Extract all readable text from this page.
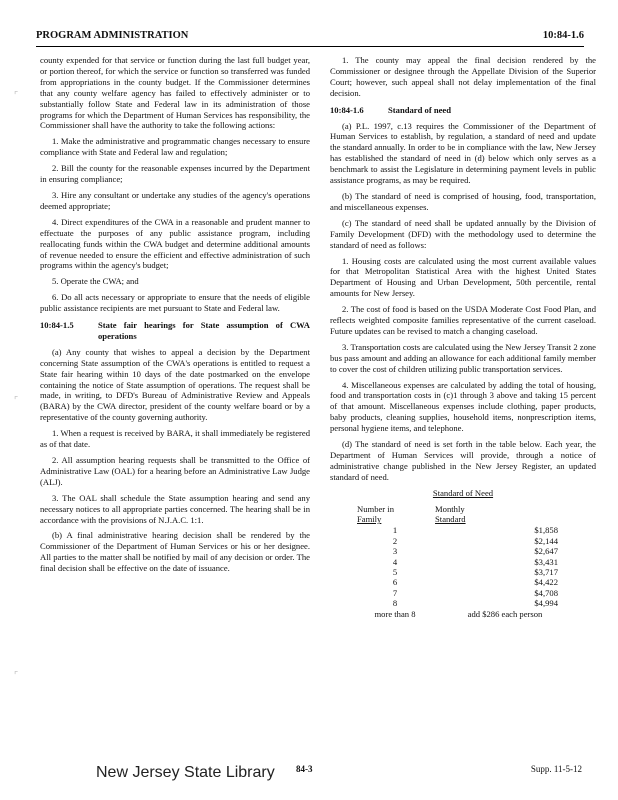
PROGRAM ADMINISTRATION	10:84-1.6
⌜
⌜
⌜

county expended for that service or function during the last full budget year, or portion thereof, for which the service or function so transferred was funded from appropriations in the county budget. If the Commissioner determines that any county welfare agency has failed to effectively administer or to substantially follow State and Federal law in its administration of those programs for which the Department of Human Services has responsibility, the Commissioner shall have the authority to take the following actions:

1. Make the administrative and programmatic changes necessary to ensure compliance with State and Federal law and regulation;

2. Bill the county for the reasonable expenses incurred by the Department in ensuring compliance;

3. Hire any consultant or undertake any studies of the agency's operations deemed appropriate;

4. Direct expenditures of the CWA in a reasonable and prudent manner to effectuate the purposes of any public assistance program, including reallocating funds within the CWA budget and determine additional amounts of revenue needed to ensure the efficient and effective administration of such programs within the agency's budget;

5. Operate the CWA; and

6. Do all acts necessary or appropriate to ensure that the needs of eligible public assistance recipients are met pursuant to State and Federal law.

10:84-1.5	State fair hearings for State assumption of CWA operations

(a) Any county that wishes to appeal a decision by the Department concerning State assumption of the CWA's operations is entitled to request a State fair hearing within 10 days of the date postmarked on the envelope containing the notice of State assumption of operations. The request shall be made, in writing, to DFD's Bureau of Administrative Review and Appeals (BARA) by the CWA director, president of the county welfare board or by a representative of the county governing authority.

1. When a request is received by BARA, it shall immediately be registered as of that date.

2. All assumption hearing requests shall be transmitted to the Office of Administrative Law (OAL) for a hearing before an Administrative Law Judge (ALJ).

3. The OAL shall schedule the State assumption hearing and send any necessary notices to all appropriate parties concerned. The hearing shall be in accordance with the provisions of N.J.A.C. 1:1.

(b) A final administrative hearing decision shall be rendered by the Commissioner of the Department of Human Services or his or her designee. All parties to the matter shall be notified by mail of any decision or order. The final decision shall be effective on the date of issuance.

1. The county may appeal the final decision rendered by the Commissioner or designee through the Appellate Division of the Superior Court; however, such appeal shall not delay implementation of the final decision.

10:84-1.6	Standard of need

(a) P.L. 1997, c.13 requires the Commissioner of the Department of Human Services to establish, by regulation, a standard of need and update the standard annually. In order to be in compliance with the law, New Jersey has established the standard of need in (d) below which only serves as a benchmark to assist the Legislature in determining payment levels in public assistance programs, as may be required.

(b) The standard of need is comprised of housing, food, transportation, and miscellaneous expenses.

(c) The standard of need shall be updated annually by the Division of Family Development (DFD) with the methodology used to determine the standard of need as follows:

1. Housing costs are calculated using the most current available values for that Metropolitan Statistical Area with the highest United States Department of Housing and Urban Development, 50th percentile, rental amounts for New Jersey.

2. The cost of food is based on the USDA Moderate Cost Food Plan, and reflects weighted composite families representative of the current caseload. Future updates can be revised to match a changing caseload.

3. Transportation costs are calculated using the New Jersey Transit 2 zone bus pass amount and adding an allowance for each additional family member to cover the cost of children utilizing public transportation services.

4. Miscellaneous expenses are calculated by adding the total of housing, food and transportation costs in (c)1 through 3 above and taking 15 percent of that amount. Miscellaneous expenses include clothing, paper products, baby products, cleaning supplies, household items, nonprescription items, personal hygiene items, and telephone.

(d) The standard of need is set forth in the table below. Each year, the Department of Human Services will provide, through a notice of administrative change published in the New Jersey Register, an updated standard of need.

Standard of Need
Number in
Family	Monthly
Standard
1	$1,858
2	$2,144
3	$2,647
4	$3,431
5	$3,717
6	$4,422
7	$4,708
8	$4,994
more than 8	add $286 each person
New Jersey State Library 84-3	Supp. 11-5-12
